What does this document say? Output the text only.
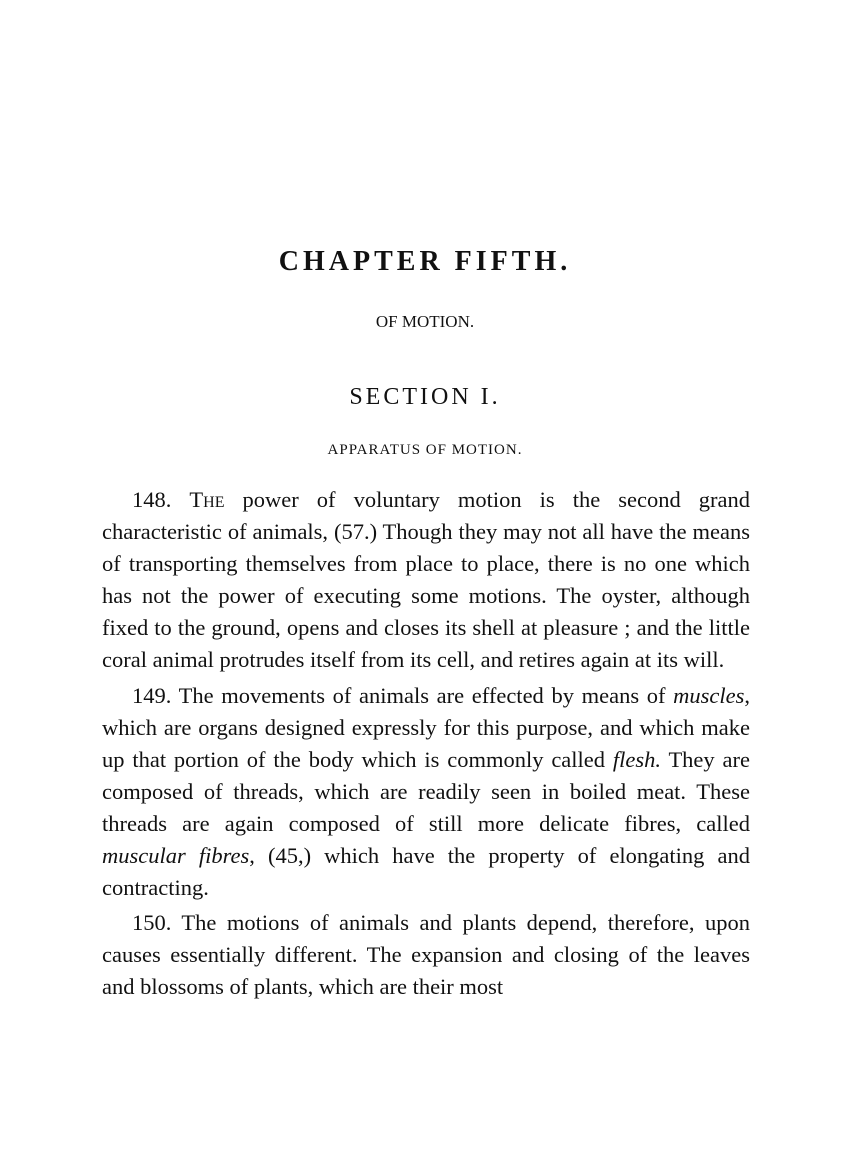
CHAPTER FIFTH.
OF MOTION.
SECTION I.
APPARATUS OF MOTION.

148. The power of voluntary motion is the second grand characteristic of animals, (57.) Though they may not all have the means of transporting themselves from place to place, there is no one which has not the power of executing some motions. The oyster, although fixed to the ground, opens and closes its shell at pleasure ; and the little coral animal protrudes itself from its cell, and retires again at its will.

149. The movements of animals are effected by means of muscles, which are organs designed expressly for this purpose, and which make up that portion of the body which is commonly called flesh. They are composed of threads, which are readily seen in boiled meat. These threads are again composed of still more delicate fibres, called muscular fibres, (45,) which have the property of elongating and contracting.

150. The motions of animals and plants depend, therefore, upon causes essentially different. The expansion and closing of the leaves and blossoms of plants, which are their most
